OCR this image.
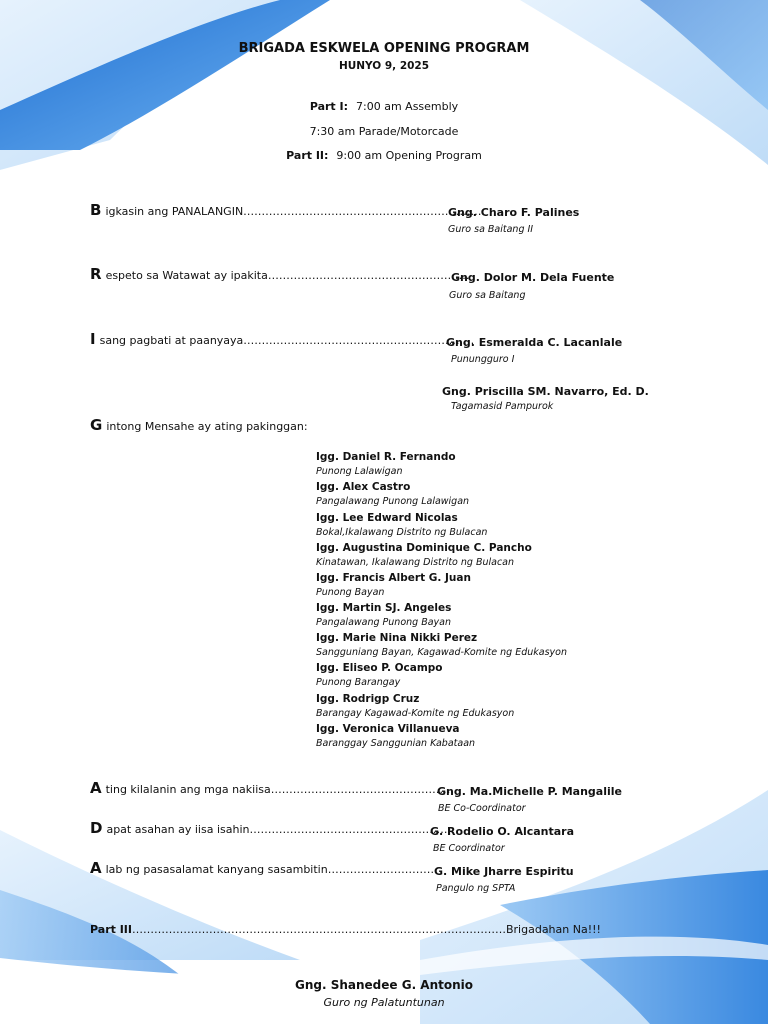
BRIGADA ESKWELA OPENING PROGRAM
HUNYO 9, 2025
Part I: 7:00 am Assembly
7:30 am Parade/Motorcade
Part II: 9:00 am Opening Program
B igkasin ang PANALANGIN…………………………………………………………
Gng. Charo F. Palines
Guro sa Baitang II
R espeto sa Watawat ay ipakita……………………………………………….
Gng. Dolor M. Dela Fuente
Guro sa Baitang
I sang pagbati at paanyaya………………………………………………………
Gng. Esmeralda C. Lacanlale
Punungguro I
Gng. Priscilla SM. Navarro, Ed. D.
Tagamasid Pampurok
G intong Mensahe ay ating pakinggan:
Igg. Daniel R. Fernando
Punong Lalawigan
Igg. Alex Castro
Pangalawang Punong Lalawigan
Igg. Lee Edward Nicolas
Bokal,Ikalawang Distrito ng Bulacan
Igg. Augustina Dominique C. Pancho
Kinatawan, Ikalawang Distrito ng Bulacan
Igg. Francis Albert G. Juan
Punong Bayan
Igg. Martin SJ. Angeles
Pangalawang Punong Bayan
Igg. Marie Nina Nikki Perez
Sangguniang Bayan, Kagawad-Komite ng Edukasyon
Igg. Eliseo P. Ocampo
Punong Barangay
Igg. Rodrigp Cruz
Barangay Kagawad-Komite ng Edukasyon
Igg. Veronica Villanueva
Baranggay Sanggunian Kabataan
A ting kilalanin ang mga nakiisa……………………………………………
Gng. Ma.Michelle P. Mangalile
BE Co-Coordinator
D apat asahan ay iisa isahin……………………………………………….
G. Rodelio O. Alcantara
BE Coordinator
A lab ng pasasalamat kanyang sasambitin…………………………
G. Mike Jharre Espiritu
Pangulo ng SPTA
Part III…………………………………………………………………………………………Brigadahan Na!!!
Gng. Shanedee G. Antonio
Guro ng Palatuntunan
